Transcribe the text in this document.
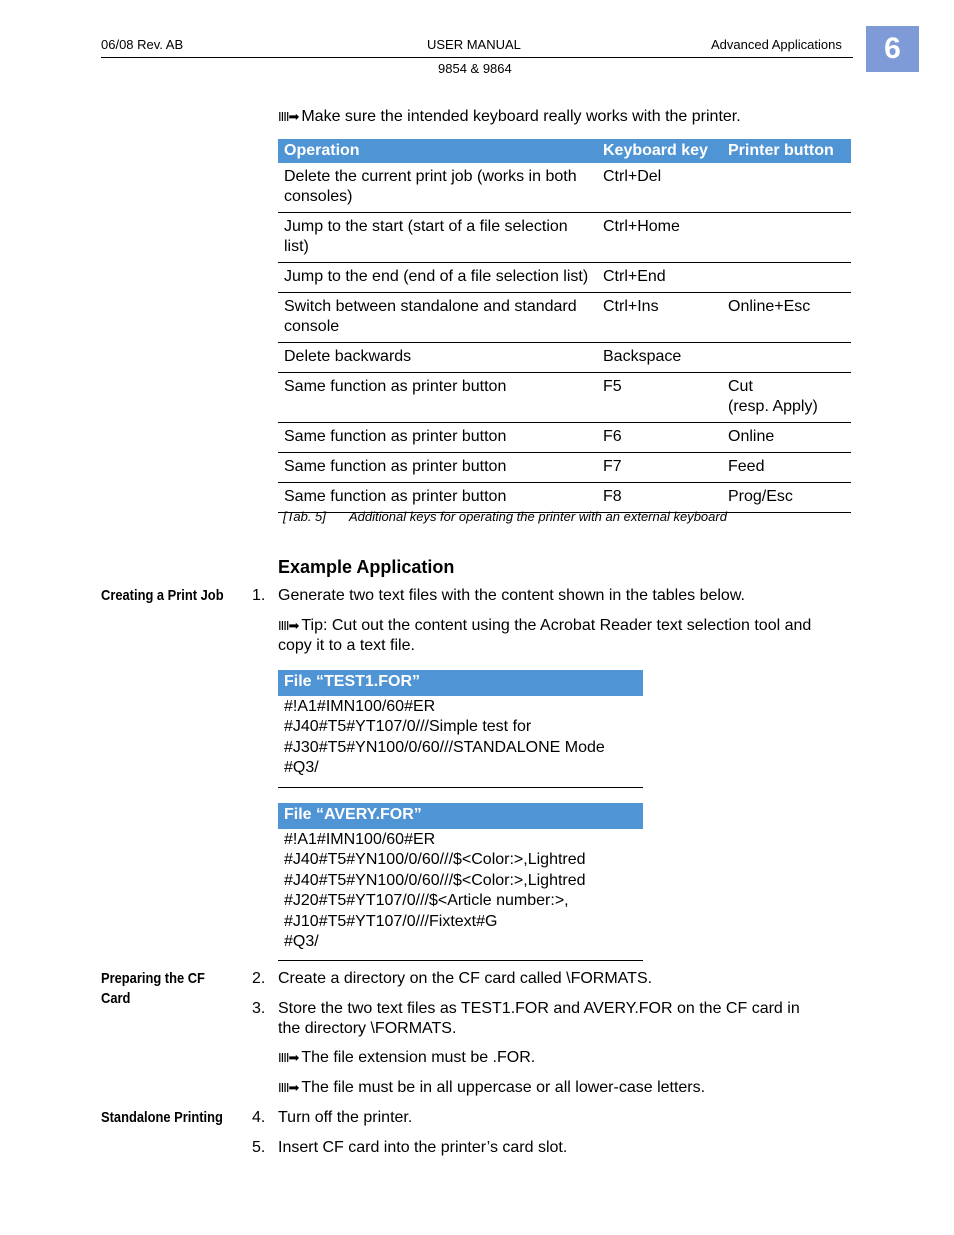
06/08 Rev. AB	USER MANUAL	Advanced Applications
9854 & 9864
6
IIII➡ Make sure the intended keyboard really works with the printer.
Operation	Keyboard key	Printer button
Delete the current print job (works in both consoles)	Ctrl+Del	
Jump to the start (start of a file selection list)	Ctrl+Home	
Jump to the end (end of a file selection list)	Ctrl+End	
Switch between standalone and standard console	Ctrl+Ins	Online+Esc
Delete backwards	Backspace	
Same function as printer button	F5	Cut
(resp. Apply)
Same function as printer button	F6	Online
Same function as printer button	F7	Feed
Same function as printer button	F8	Prog/Esc
[Tab. 5] Additional keys for operating the printer with an external keyboard
Example Application
Creating a Print Job
Preparing the CF
Card
Standalone Printing
1. Generate two text files with the content shown in the tables below.
IIII➡ Tip: Cut out the content using the Acrobat Reader text selection tool and
copy it to a text file.
File “TEST1.FOR”
#!A1#IMN100/60#ER
#J40#T5#YT107/0///Simple test for
#J30#T5#YN100/0/60///STANDALONE Mode
#Q3/
File “AVERY.FOR”
#!A1#IMN100/60#ER
#J40#T5#YN100/0/60///$<Color:>,Lightred
#J40#T5#YN100/0/60///$<Color:>,Lightred
#J20#T5#YT107/0///$<Article number:>,
#J10#T5#YT107/0///Fixtext#G
#Q3/
2. Create a directory on the CF card called \FORMATS.
3. Store the two text files as TEST1.FOR and AVERY.FOR on the CF card in
the directory \FORMATS.
IIII➡ The file extension must be .FOR.
IIII➡ The file must be in all uppercase or all lower-case letters.
4. Turn off the printer.
5. Insert CF card into the printer’s card slot.
